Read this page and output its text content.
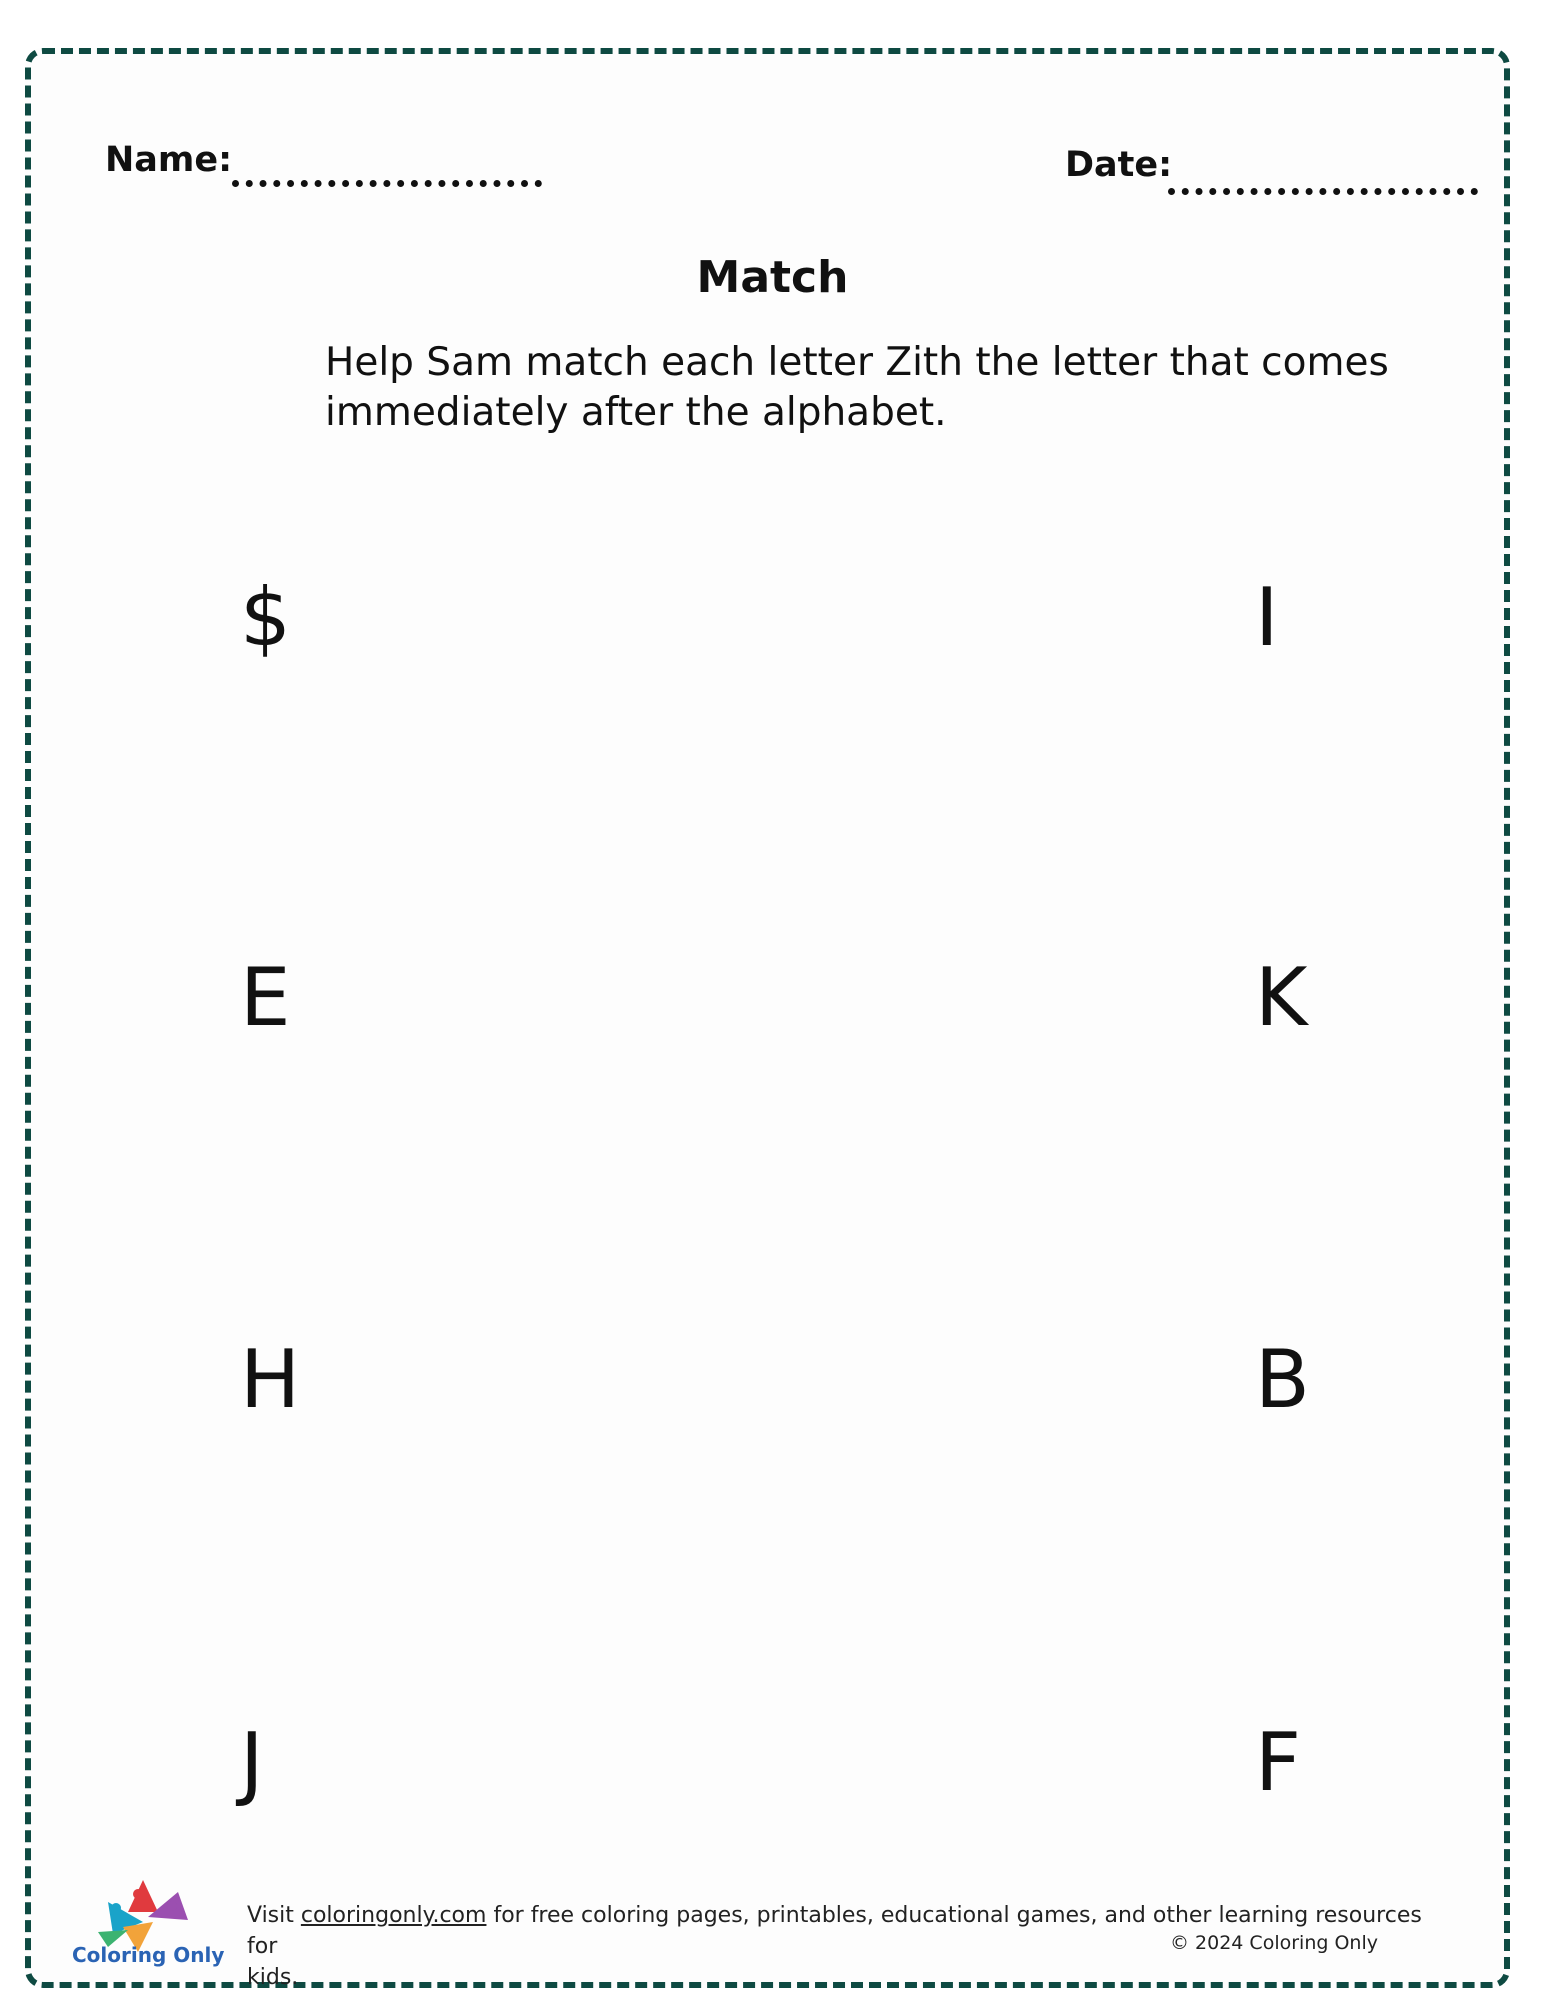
Name:	Date:
Match
Help Sam match each letter Zith the letter that comes
immediately after the alphabet.
$
E
H
J
I
K
B
F
Coloring Only
Visit coloringonly.com for free coloring pages, printables, educational games, and other learning resources for
kids.
© 2024 Coloring Only
